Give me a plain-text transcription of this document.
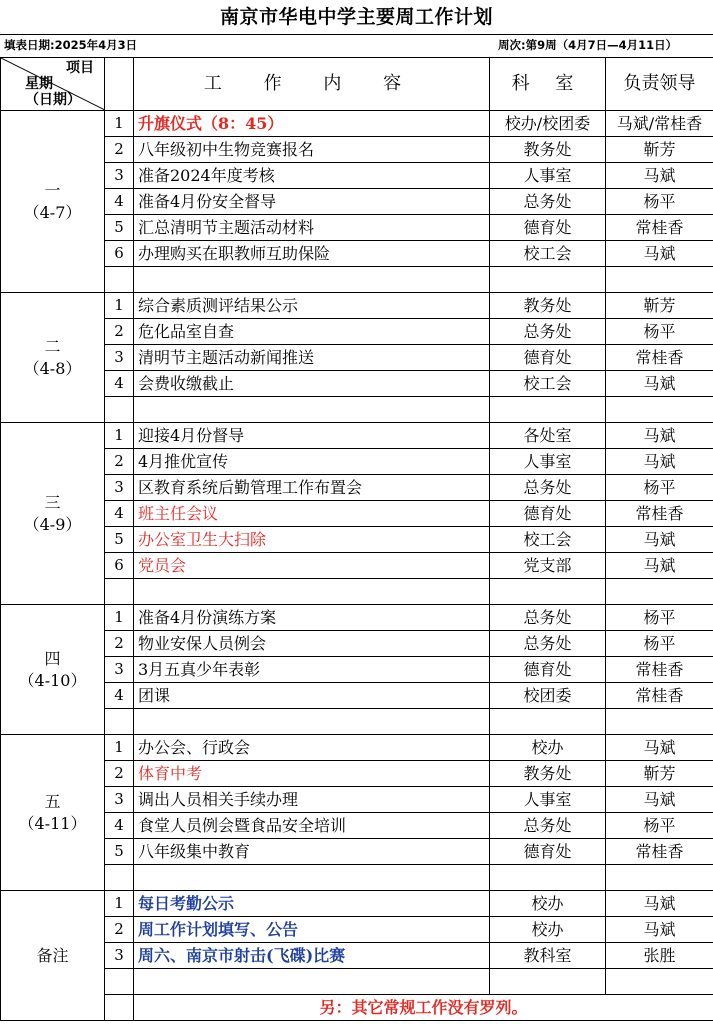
南京市华电中学主要周工作计划
填表日期:2025年4月3日	周次:第9周（4月7日—4月11日）
项目
星期
（日期）		工 作 内 容	科 室	负责领导

一
（4-7）	1	升旗仪式（8：45）	校办/校团委	马斌/常桂香
	2	八年级初中生物竞赛报名	教务处	靳芳
	3	准备2024年度考核	人事室	马斌
	4	准备4月份安全督导	总务处	杨平
	5	汇总清明节主题活动材料	德育处	常桂香
	6	办理购买在职教师互助保险	校工会	马斌

二
（4-8）	1	综合素质测评结果公示	教务处	靳芳
	2	危化品室自查	总务处	杨平
	3	清明节主题活动新闻推送	德育处	常桂香
	4	会费收缴截止	校工会	马斌

三
（4-9）	1	迎接4月份督导	各处室	马斌
	2	4月推优宣传	人事室	马斌
	3	区教育系统后勤管理工作布置会	总务处	杨平
	4	班主任会议	德育处	常桂香
	5	办公室卫生大扫除	校工会	马斌
	6	党员会	党支部	马斌

四
（4-10）	1	准备4月份演练方案	总务处	杨平
	2	物业安保人员例会	总务处	杨平
	3	3月五真少年表彰	德育处	常桂香
	4	团课	校团委	常桂香

五
（4-11）	1	办公会、行政会	校办	马斌
	2	体育中考	教务处	靳芳
	3	调出人员相关手续办理	人事室	马斌
	4	食堂人员例会暨食品安全培训	总务处	杨平
	5	八年级集中教育	德育处	常桂香

备注	1	每日考勤公示	校办	马斌
	2	周工作计划填写、公告	校办	马斌
	3	周六、南京市射击(飞碟)比赛	教科室	张胜

		另：其它常规工作没有罗列。		
